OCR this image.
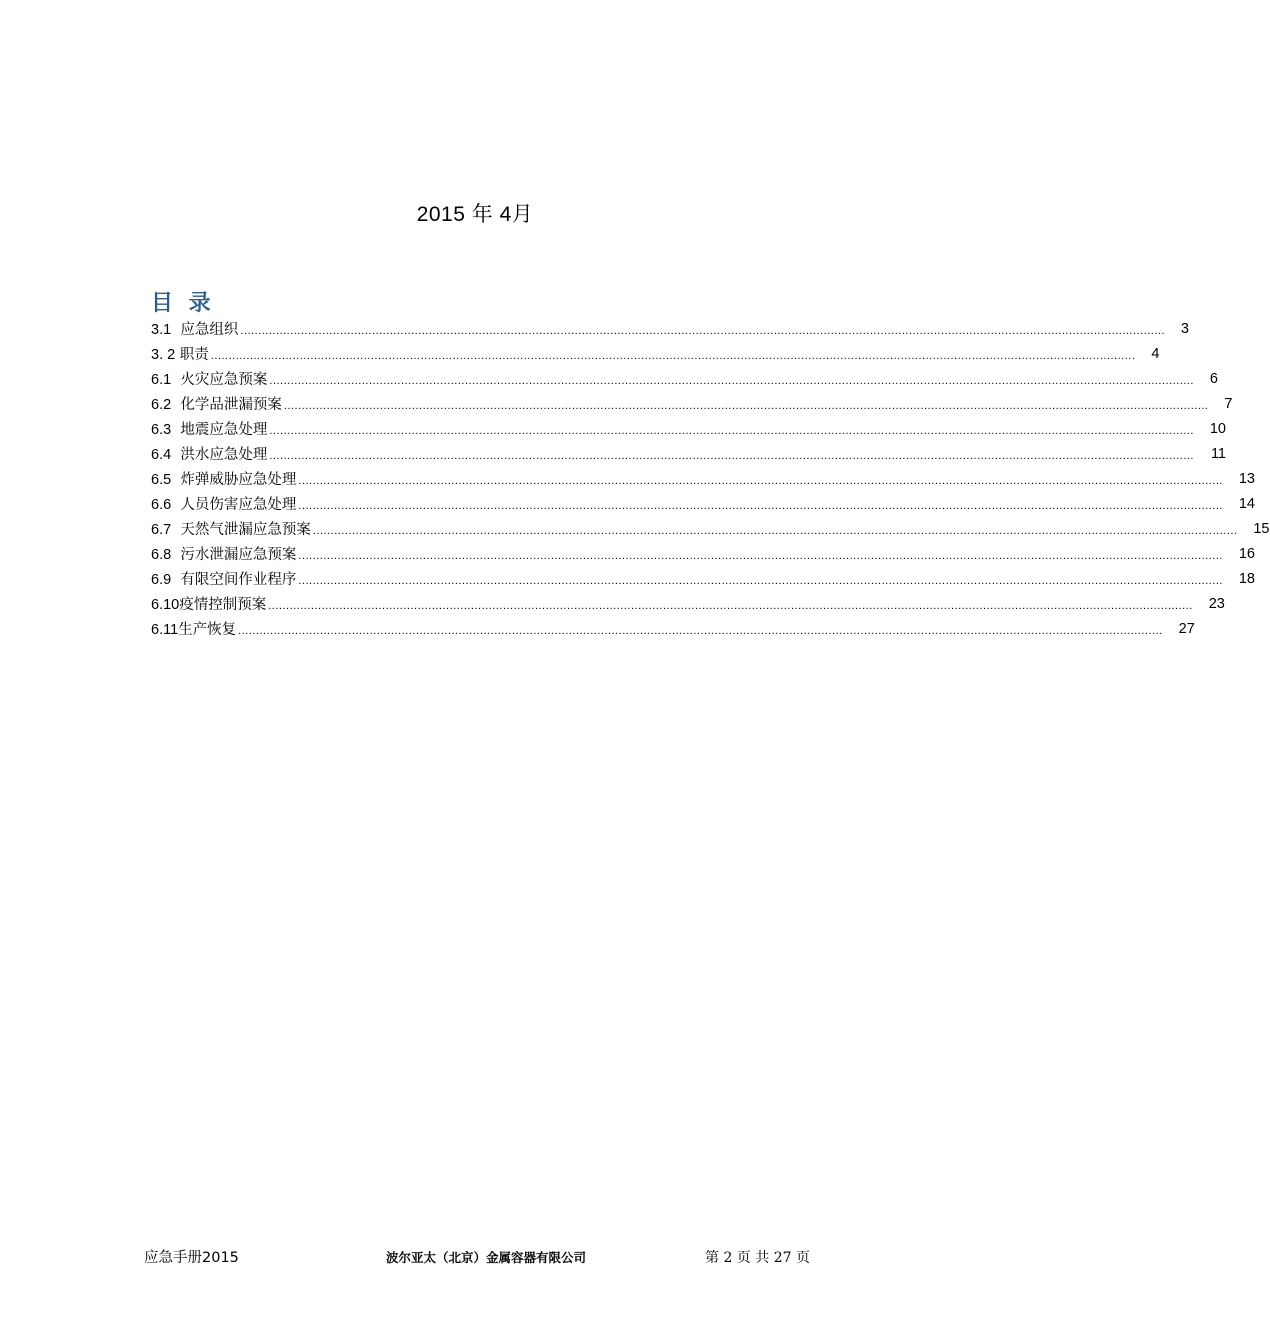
2015 年 4月
目 录
3.1 应急组织 ....................................................................................................................................................................................................................................................................	3
3. 2 职责 ....................................................................................................................................................................................................................................................................	4
6.1 火灾应急预案 ....................................................................................................................................................................................................................................................................	6
6.2 化学品泄漏预案 ....................................................................................................................................................................................................................................................................	7
6.3 地震应急处理 ....................................................................................................................................................................................................................................................................	10
6.4 洪水应急处理 ....................................................................................................................................................................................................................................................................	11
6.5 炸弹威胁应急处理 ....................................................................................................................................................................................................................................................................	13
6.6 人员伤害应急处理 ....................................................................................................................................................................................................................................................................	14
6.7 天然气泄漏应急预案 ....................................................................................................................................................................................................................................................................	15
6.8 污水泄漏应急预案 ....................................................................................................................................................................................................................................................................	16
6.9 有限空间作业程序 ....................................................................................................................................................................................................................................................................	18
6.10疫情控制预案 ....................................................................................................................................................................................................................................................................	23
6.11生产恢复 ....................................................................................................................................................................................................................................................................	27
应急手册2015	波尔亚太（北京）金属容器有限公司	第 2 页 共 27 页
